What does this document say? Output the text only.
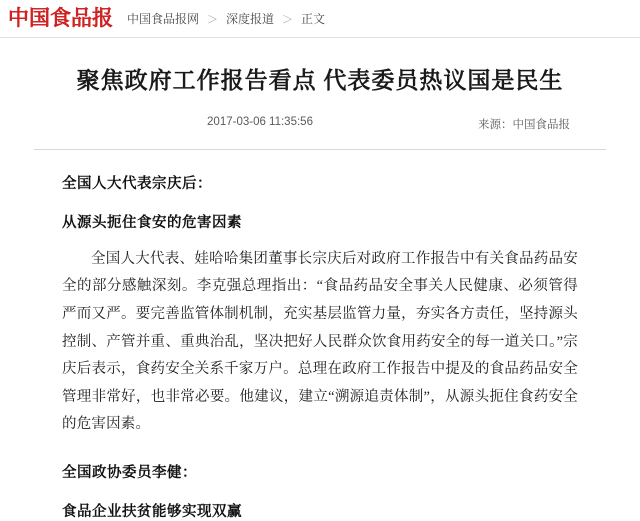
中国食品报 中国食品报网 ＞ 深度报道 ＞ 正文
聚焦政府工作报告看点 代表委员热议国是民生
2017-03-06 11:35:56	来源：中国食品报
全国人大代表宗庆后：
从源头扼住食安的危害因素

全国人大代表、娃哈哈集团董事长宗庆后对政府工作报告中有关食品药品安全的部分感触深刻。李克强总理指出：“食品药品安全事关人民健康、必须管得严而又严。要完善监管体制机制，充实基层监管力量，夯实各方责任，坚持源头控制、产管并重、重典治乱，坚决把好人民群众饮食用药安全的每一道关口。”宗庆后表示，食药安全关系千家万户。总理在政府工作报告中提及的食品药品安全管理非常好，也非常必要。他建议，建立“溯源追责体制”，从源头扼住食药安全的危害因素。

全国政协委员李健：
食品企业扶贫能够实现双赢
